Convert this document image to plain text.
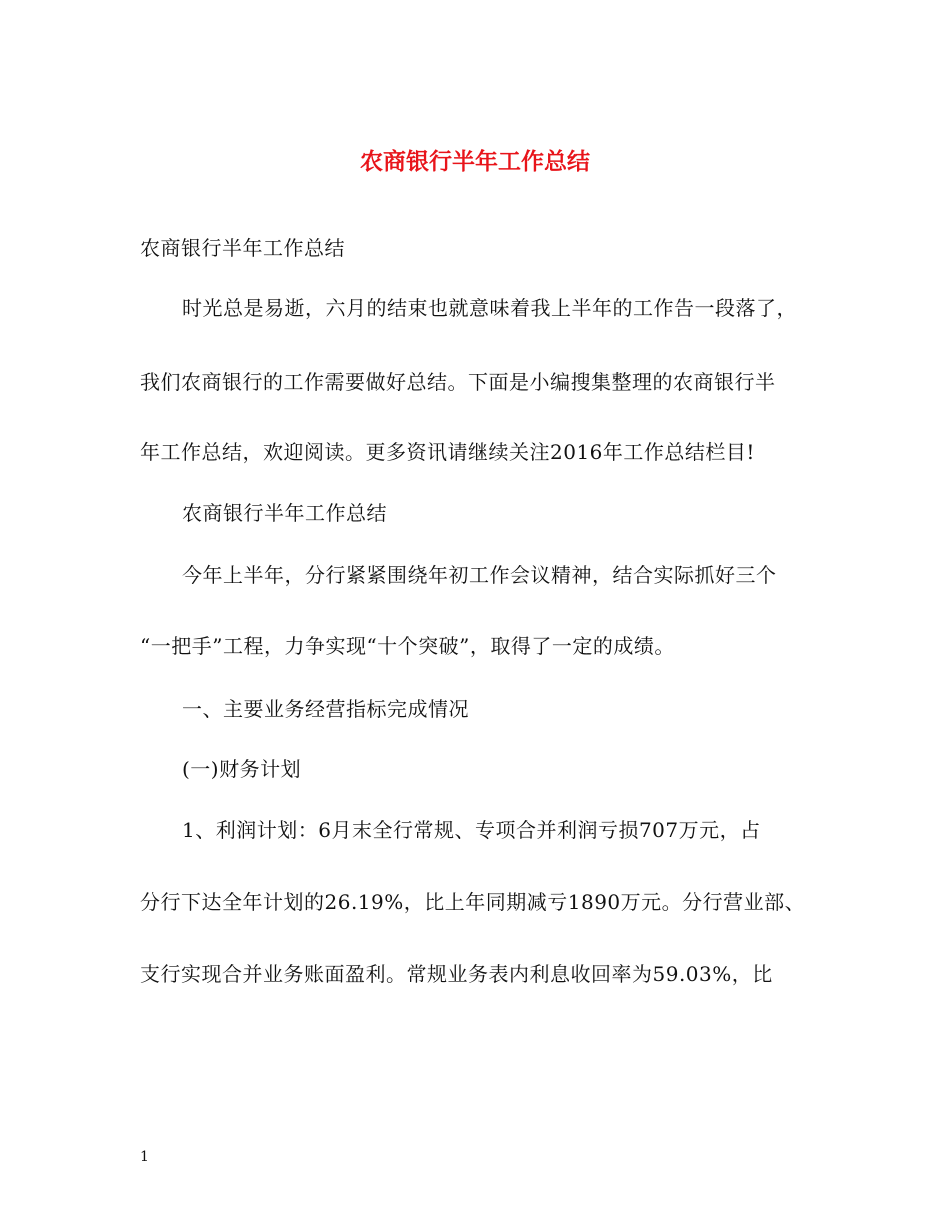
农商银行半年工作总结
农商银行半年工作总结
时光总是易逝，六月的结束也就意味着我上半年的工作告一段落了，
我们农商银行的工作需要做好总结。下面是小编搜集整理的农商银行半
年工作总结，欢迎阅读。更多资讯请继续关注2016年工作总结栏目!
农商银行半年工作总结
今年上半年，分行紧紧围绕年初工作会议精神，结合实际抓好三个
“一把手”工程，力争实现“十个突破”，取得了一定的成绩。
一、主要业务经营指标完成情况
(一)财务计划
1、利润计划：6月末全行常规、专项合并利润亏损707万元，占
分行下达全年计划的26.19%，比上年同期减亏1890万元。分行营业部、
支行实现合并业务账面盈利。常规业务表内利息收回率为59.03%，比
1
